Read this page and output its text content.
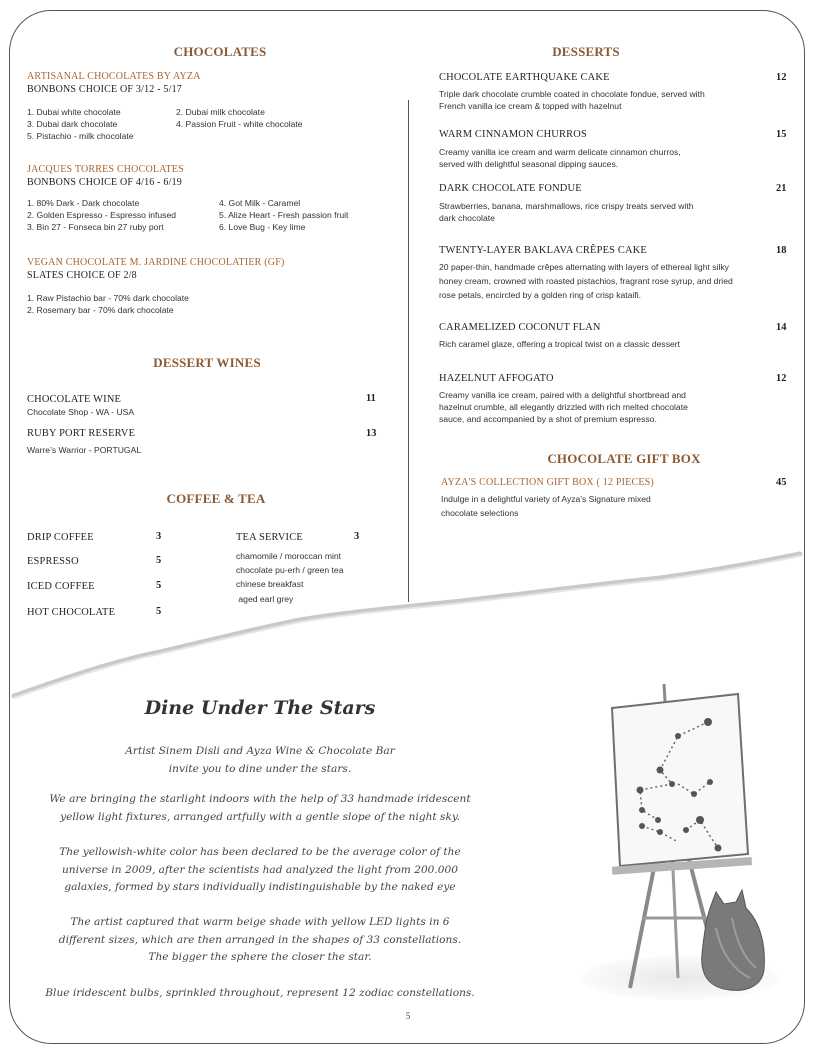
CHOCOLATES
ARTISANAL CHOCOLATES BY AYZA
BONBONS CHOICE OF 3/12 - 5/17
1. Dubai white chocolate	2. Dubai milk chocolate
3. Dubai dark chocolate	4. Passion Fruit - white chocolate
5. Pistachio - milk chocolate
JACQUES TORRES CHOCOLATES
BONBONS CHOICE OF 4/16 - 6/19
1. 80% Dark - Dark chocolate	4. Got Milk - Caramel
2. Golden Espresso - Espresso infused	5. Alize Heart - Fresh passion fruit
3. Bin 27 - Fonseca bin 27 ruby port	6. Love Bug - Key lime
VEGAN CHOCOLATE M. JARDINE CHOCOLATIER (GF)
SLATES CHOICE OF 2/8
1. Raw Pistachio bar - 70% dark chocolate
2. Rosemary bar - 70% dark chocolate
DESSERT WINES
CHOCOLATE WINE	11
Chocolate Shop - WA - USA
RUBY PORT RESERVE	13
Warre’s Warrior - PORTUGAL
COFFEE & TEA
DRIP COFFEE	3
ESPRESSO	5
ICED COFFEE	5
HOT CHOCOLATE	5
TEA SERVICE	3
chamomile / moroccan mint
chocolate pu-erh / green tea
chinese breakfast
aged earl grey
DESSERTS
CHOCOLATE EARTHQUAKE CAKE	12
Triple dark chocolate crumble coated in chocolate fondue, served with
French vanilla ice cream & topped with hazelnut
WARM CINNAMON CHURROS	15
Creamy vanilla ice cream and warm delicate cinnamon churros,
served with delightful seasonal dipping sauces.
DARK CHOCOLATE FONDUE	21
Strawberries, banana, marshmallows, rice crispy treats served with
dark chocolate
TWENTY-LAYER BAKLAVA CRÊPES CAKE	18
20 paper-thin, handmade crêpes alternating with layers of ethereal light silky
honey cream, crowned with roasted pistachios, fragrant rose syrup, and dried
rose petals, encircled by a golden ring of crisp kataifi.
CARAMELIZED COCONUT FLAN	14
Rich caramel glaze, offering a tropical twist on a classic dessert
HAZELNUT AFFOGATO	12
Creamy vanilla ice cream, paired with a delightful shortbread and
hazelnut crumble, all elegantly drizzled with rich melted chocolate
sauce, and accompanied by a shot of premium espresso.
CHOCOLATE GIFT BOX
AYZA'S COLLECTION GIFT BOX ( 12 PIECES)	45
Indulge in a delightful variety of Ayza's Signature mixed
chocolate selections
Dine Under The Stars
Artist Sinem Disli and Ayza Wine & Chocolate Bar
invite you to dine under the stars.
We are bringing the starlight indoors with the help of 33 handmade iridescent
yellow light fixtures, arranged artfully with a gentle slope of the night sky.
The yellowish-white color has been declared to be the average color of the
universe in 2009, after the scientists had analyzed the light from 200.000
galaxies, formed by stars individually indistinguishable by the naked eye
The artist captured that warm beige shade with yellow LED lights in 6
different sizes, which are then arranged in the shapes of 33 constellations.
The bigger the sphere the closer the star.
Blue iridescent bulbs, sprinkled throughout, represent 12 zodiac constellations.
5
